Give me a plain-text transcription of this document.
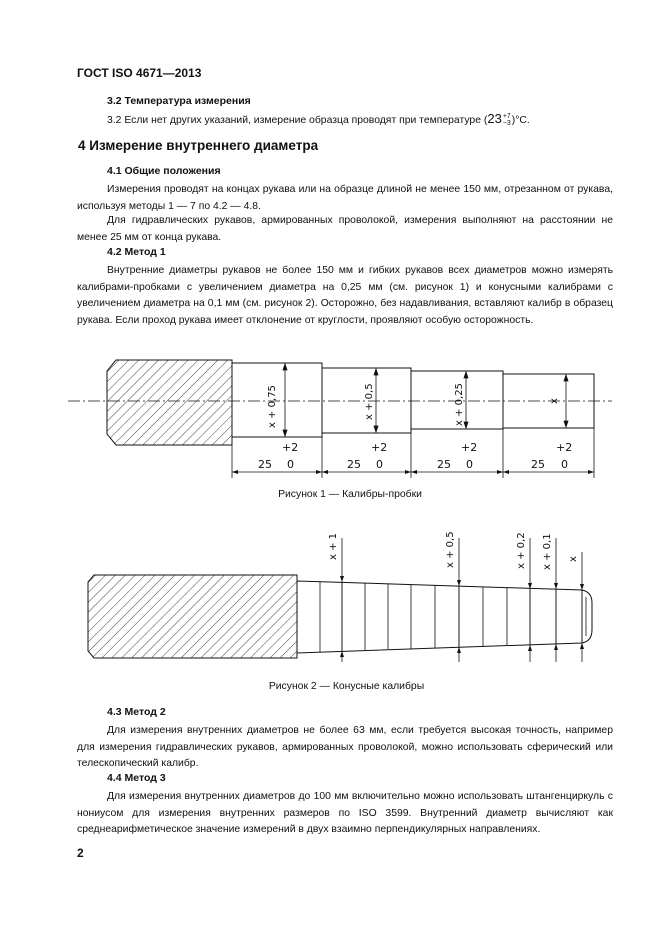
ГОСТ ISO 4671—2013
3.2 Температура измерения
3.2 Если нет других указаний, измерение образца проводят при температуре (23 +7
−3 )°С.
4 Измерение внутреннего диаметра
4.1 Общие положения
Измерения проводят на концах рукава или на образце длиной не менее 150 мм, отрезанном от рукава, используя методы 1 — 7 по 4.2 — 4.8.
Для гидравлических рукавов, армированных проволокой, измерения выполняют на расстоянии не менее 25 мм от конца рукава.
4.2 Метод 1
Внутренние диаметры рукавов не более 150 мм и гибких рукавов всех диаметров можно измерять калибрами-пробками с увеличением диаметра на 0,25 мм (см. рисунок 1) и конусными калибрами с увеличением диаметра на 0,1 мм (см. рисунок 2). Осторожно, без надавливания, вставляют калибр в образец рукава. Если проход рукава имеет отклонение от круглости, проявляют особую осторожность.
x + 0,75	x + 0,5	x + 0,25	x
25
+2
0	25
+2
0	25
+2
0	25
+2
0
Рисунок 1 — Калибры-пробки
x + 1	x + 0,5	x + 0,2 x + 0,1 x
Рисунок 2 — Конусные калибры
4.3 Метод 2
Для измерения внутренних диаметров не более 63 мм, если требуется высокая точность, например для измерения гидравлических рукавов, армированных проволокой, можно использовать сферический или телескопический калибр.
4.4 Метод 3
Для измерения внутренних диаметров до 100 мм включительно можно использовать штангенциркуль с нониусом для измерения внутренних размеров по ISO 3599. Внутренний диаметр вычисляют как среднеарифметическое значение измерений в двух взаимно перпендикулярных направлениях.
2
